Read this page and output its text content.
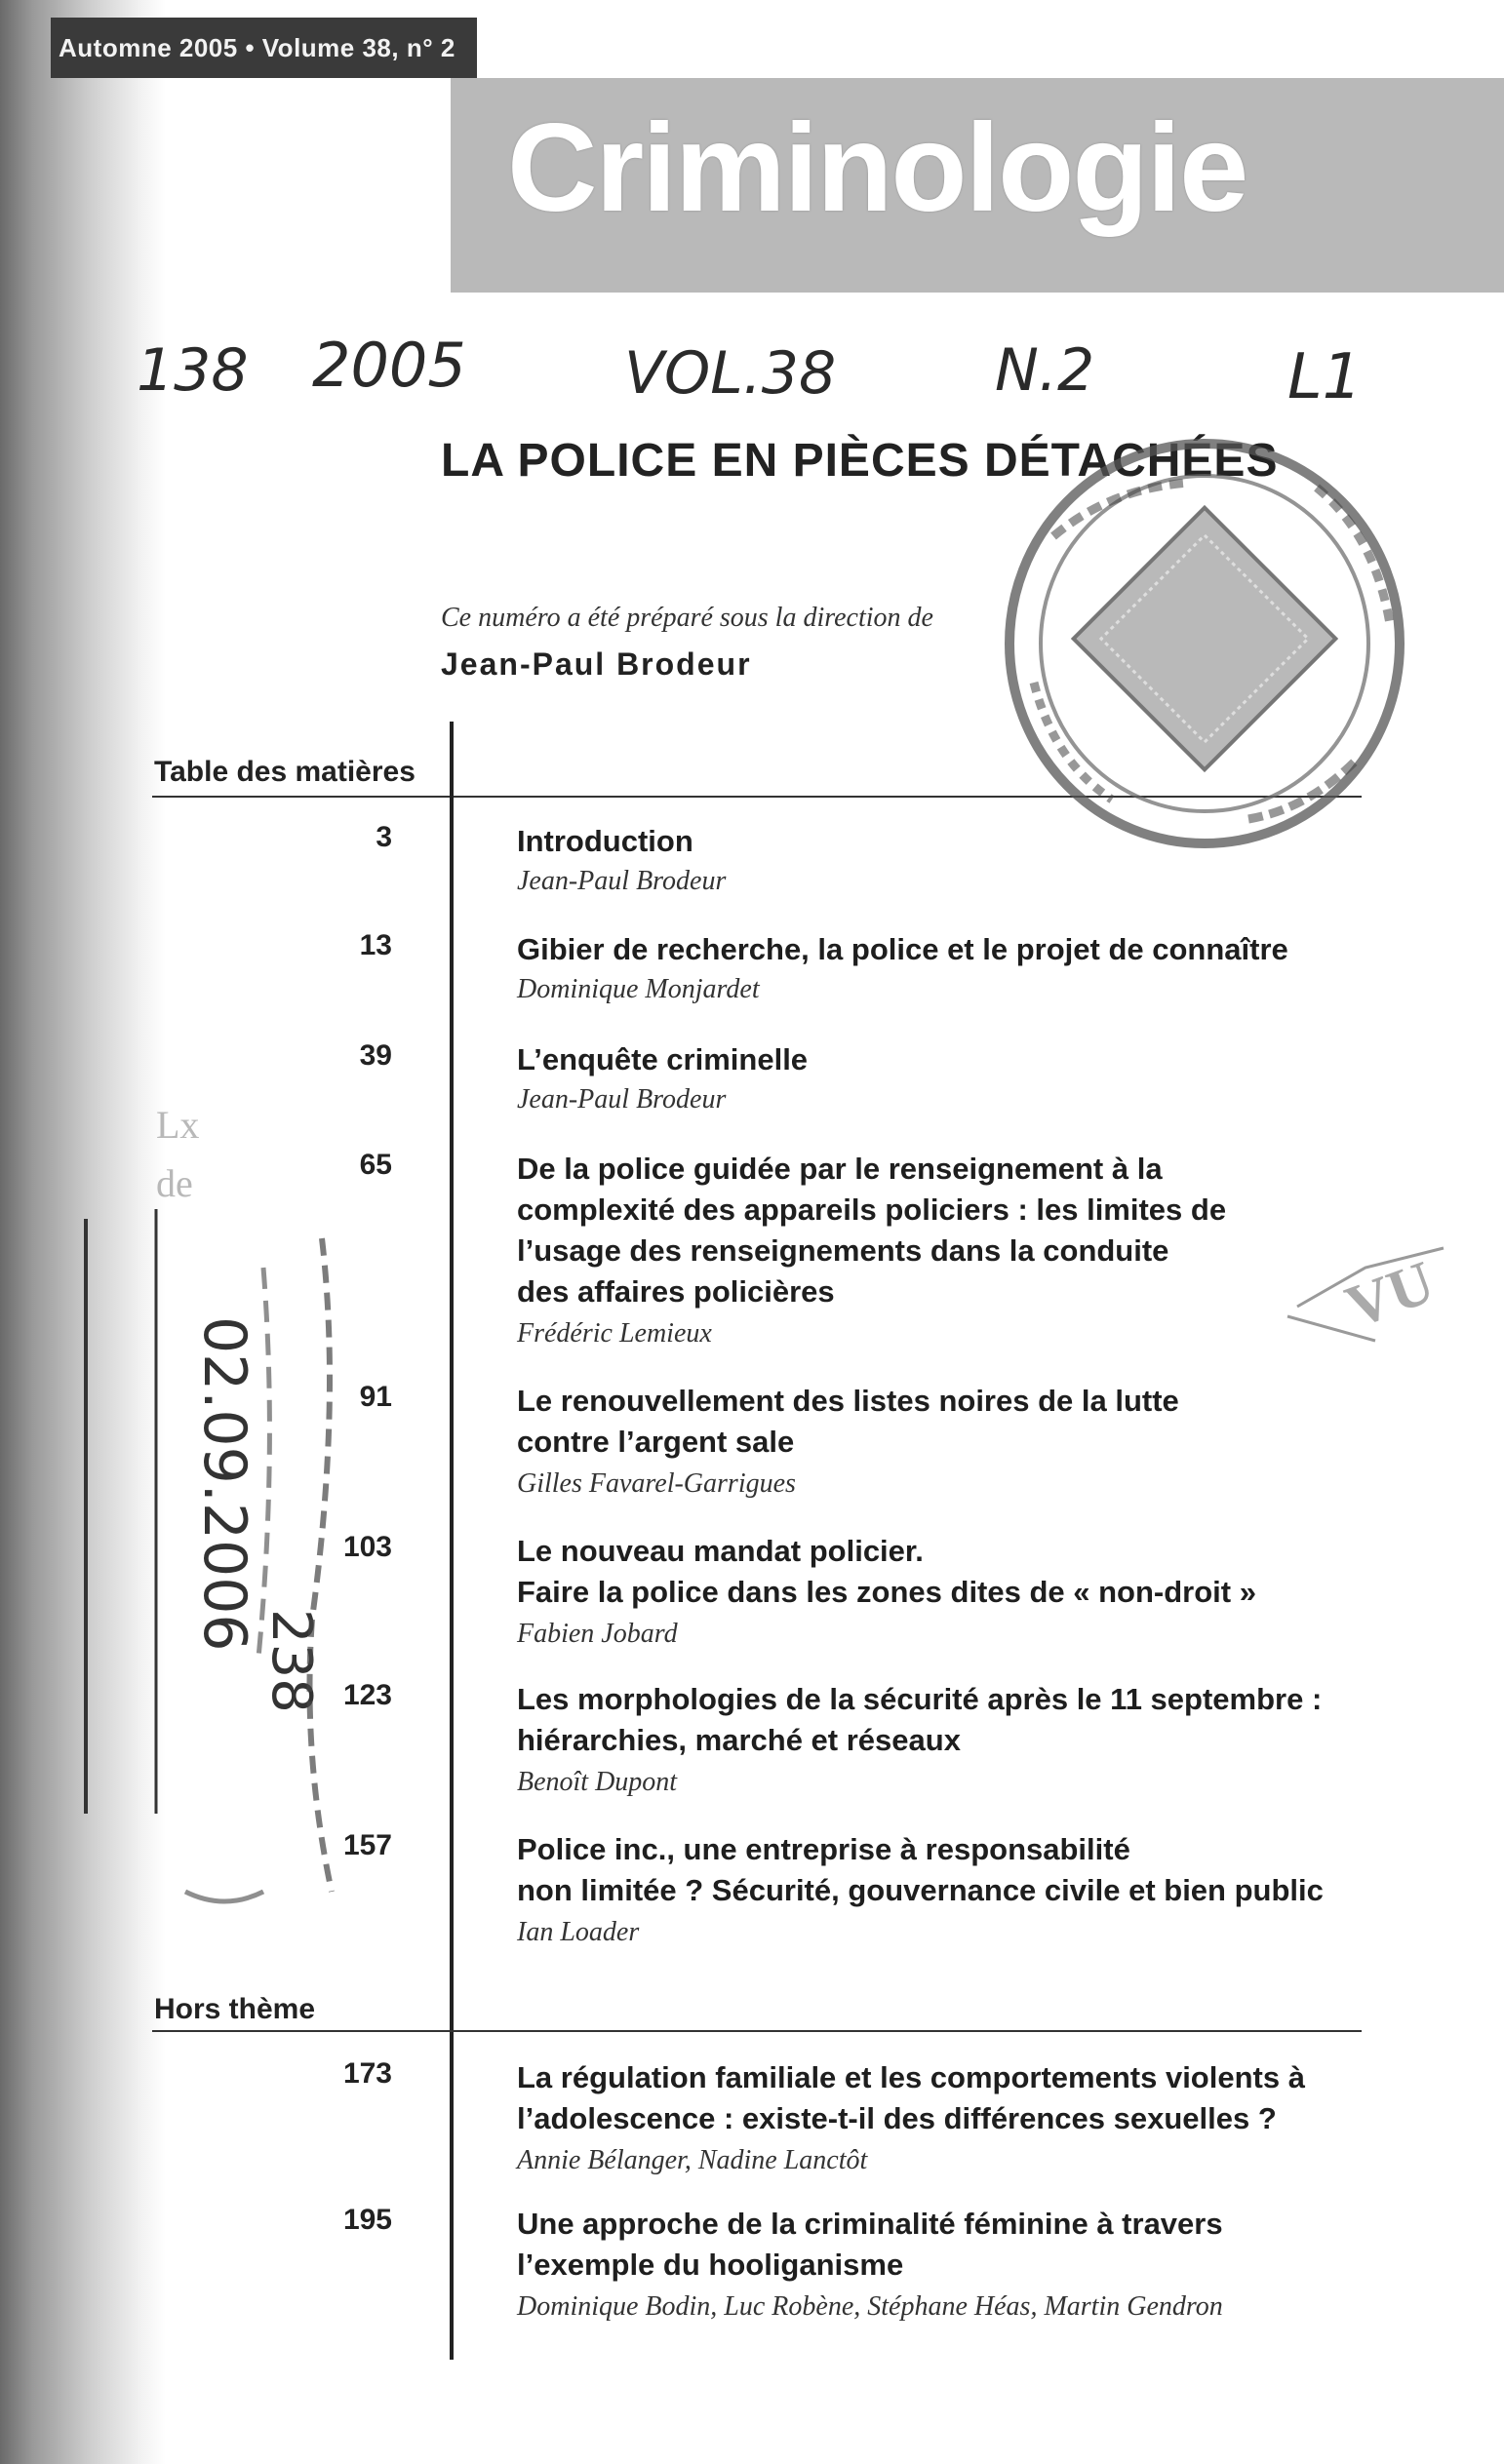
Lx
de
Automne 2005 • Volume 38, n° 2
Criminologie
138 2005	VOL.38	N.2	L1
LA POLICE EN PIÈCES DÉTACHÉES
Ce numéro a été préparé sous la direction de
Jean-Paul Brodeur
Table des matières
3	Introduction
Jean-Paul Brodeur
13	Gibier de recherche, la police et le projet de connaître
Dominique Monjardet
39	L’enquête criminelle
Jean-Paul Brodeur
65	De la police guidée par le renseignement à la
complexité des appareils policiers : les limites de
l’usage des renseignements dans la conduite
des affaires policières
Frédéric Lemieux
91	Le renouvellement des listes noires de la lutte
contre l’argent sale
Gilles Favarel-Garrigues
103	Le nouveau mandat policier.
Faire la police dans les zones dites de « non-droit »
Fabien Jobard
123	Les morphologies de la sécurité après le 11 septembre :
hiérarchies, marché et réseaux
Benoît Dupont
157	Police inc., une entreprise à responsabilité
non limitée ? Sécurité, gouvernance civile et bien public
Ian Loader
Hors thème
173	La régulation familiale et les comportements violents à
l’adolescence : existe-t-il des différences sexuelles ?
Annie Bélanger, Nadine Lanctôt
195	Une approche de la criminalité féminine à travers
l’exemple du hooliganisme
Dominique Bodin, Luc Robène, Stéphane Héas, Martin Gendron
VU
02.09.2006
238
